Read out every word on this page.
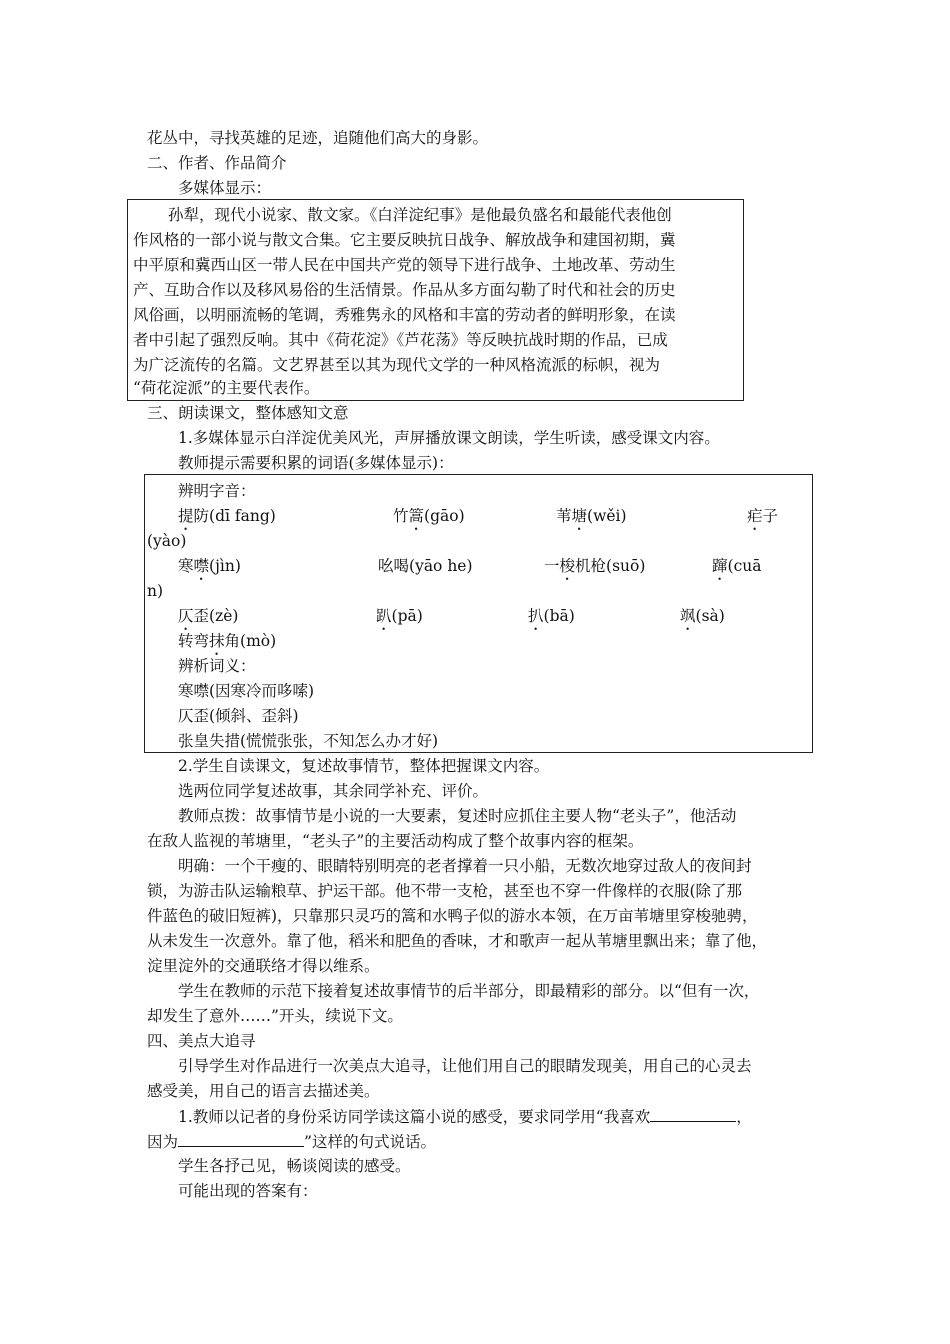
花丛中，寻找英雄的足迹，追随他们高大的身影。
二、作者、作品简介
多媒体显示：
孙犁，现代小说家、散文家。《白洋淀纪事》是他最负盛名和最能代表他创
作风格的一部小说与散文合集。它主要反映抗日战争、解放战争和建国初期，冀
中平原和冀西山区一带人民在中国共产党的领导下进行战争、土地改革、劳动生
产、互助合作以及移风易俗的生活情景。作品从多方面勾勒了时代和社会的历史
风俗画，以明丽流畅的笔调，秀雅隽永的风格和丰富的劳动者的鲜明形象，在读
者中引起了强烈反响。其中《荷花淀》《芦花荡》等反映抗战时期的作品，已成
为广泛流传的名篇。文艺界甚至以其为现代文学的一种风格流派的标帜，视为
“荷花淀派”的主要代表作。
三、朗读课文，整体感知文意
1.多媒体显示白洋淀优美风光，声屏播放课文朗读，学生听读，感受课文内容。
教师提示需要积累的词语(多媒体显示)：
辨明字音：
提防(dī fang)	竹篙(gāo)	苇塘(wěi)	疟子
(yào)
寒噤(jìn)	吆喝(yāo he)	一梭机枪(suō)	蹿(cuā
n)
仄歪(zè)	趴(pā)	扒(bā)	飒(sà)
转弯抹角(mò)
辨析词义：
寒噤(因寒冷而哆嗦)
仄歪(倾斜、歪斜)
张皇失措(慌慌张张，不知怎么办才好)
2.学生自读课文，复述故事情节，整体把握课文内容。
选两位同学复述故事，其余同学补充、评价。
教师点拨：故事情节是小说的一大要素，复述时应抓住主要人物“老头子”，他活动
在敌人监视的苇塘里，“老头子”的主要活动构成了整个故事内容的框架。
明确：一个干瘦的、眼睛特别明亮的老者撑着一只小船，无数次地穿过敌人的夜间封
锁，为游击队运输粮草、护运干部。他不带一支枪，甚至也不穿一件像样的衣服(除了那
件蓝色的破旧短裤)，只靠那只灵巧的篙和水鸭子似的游水本领，在万亩苇塘里穿梭驰骋，
从未发生一次意外。靠了他，稻米和肥鱼的香味，才和歌声一起从苇塘里飘出来；靠了他，
淀里淀外的交通联络才得以维系。
学生在教师的示范下接着复述故事情节的后半部分，即最精彩的部分。以“但有一次，
却发生了意外……”开头，续说下文。
四、美点大追寻
引导学生对作品进行一次美点大追寻，让他们用自己的眼睛发现美，用自己的心灵去
感受美，用自己的语言去描述美。
1.教师以记者的身份采访同学读这篇小说的感受，要求同学用“我喜欢	，
因为	”这样的句式说话。
学生各抒己见，畅谈阅读的感受。
可能出现的答案有：
